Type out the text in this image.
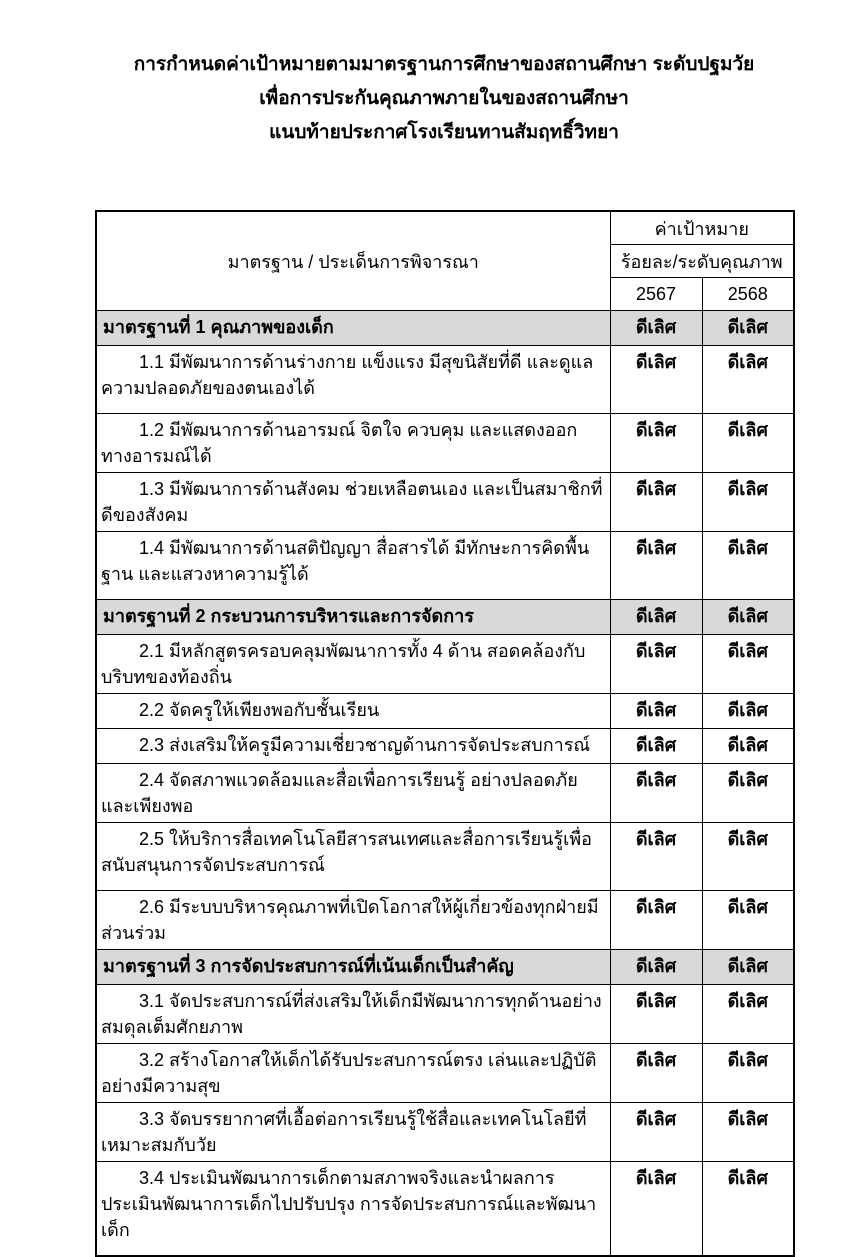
การกำหนดค่าเป้าหมายตามมาตรฐานการศึกษาของสถานศึกษา ระดับปฐมวัย
เพื่อการประกันคุณภาพภายในของสถานศึกษา
แนบท้ายประกาศโรงเรียนทานสัมฤทธิ์วิทยา
มาตรฐาน / ประเด็นการพิจารณา	ค่าเป้าหมาย	
	ร้อยละ/ระดับคุณภาพ	
	2567	2568

มาตรฐานที่ 1 คุณภาพของเด็ก	ดีเลิศ	ดีเลิศ

1.1 มีพัฒนาการด้านร่างกาย แข็งแรง มีสุขนิสัยที่ดี และดูแลความปลอดภัยของตนเองได้	ดีเลิศ	ดีเลิศ

1.2 มีพัฒนาการด้านอารมณ์ จิตใจ ควบคุม และแสดงออกทางอารมณ์ได้	ดีเลิศ	ดีเลิศ

1.3 มีพัฒนาการด้านสังคม ช่วยเหลือตนเอง และเป็นสมาชิกที่ดีของสังคม	ดีเลิศ	ดีเลิศ

1.4 มีพัฒนาการด้านสติปัญญา สื่อสารได้ มีทักษะการคิดพื้นฐาน และแสวงหาความรู้ได้	ดีเลิศ	ดีเลิศ

มาตรฐานที่ 2 กระบวนการบริหารและการจัดการ	ดีเลิศ	ดีเลิศ

2.1 มีหลักสูตรครอบคลุมพัฒนาการทั้ง 4 ด้าน สอดคล้องกับบริบทของท้องถิ่น	ดีเลิศ	ดีเลิศ

2.2 จัดครูให้เพียงพอกับชั้นเรียน	ดีเลิศ	ดีเลิศ

2.3 ส่งเสริมให้ครูมีความเชี่ยวชาญด้านการจัดประสบการณ์	ดีเลิศ	ดีเลิศ

2.4 จัดสภาพแวดล้อมและสื่อเพื่อการเรียนรู้ อย่างปลอดภัย และเพียงพอ	ดีเลิศ	ดีเลิศ

2.5 ให้บริการสื่อเทคโนโลยีสารสนเทศและสื่อการเรียนรู้เพื่อสนับสนุนการจัดประสบการณ์	ดีเลิศ	ดีเลิศ

2.6 มีระบบบริหารคุณภาพที่เปิดโอกาสให้ผู้เกี่ยวข้องทุกฝ่ายมีส่วนร่วม	ดีเลิศ	ดีเลิศ

มาตรฐานที่ 3 การจัดประสบการณ์ที่เน้นเด็กเป็นสำคัญ	ดีเลิศ	ดีเลิศ

3.1 จัดประสบการณ์ที่ส่งเสริมให้เด็กมีพัฒนาการทุกด้านอย่างสมดุลเต็มศักยภาพ	ดีเลิศ	ดีเลิศ

3.2 สร้างโอกาสให้เด็กได้รับประสบการณ์ตรง เล่นและปฏิบัติอย่างมีความสุข	ดีเลิศ	ดีเลิศ

3.3 จัดบรรยากาศที่เอื้อต่อการเรียนรู้ใช้สื่อและเทคโนโลยีที่เหมาะสมกับวัย	ดีเลิศ	ดีเลิศ

3.4 ประเมินพัฒนาการเด็กตามสภาพจริงและนำผลการประเมินพัฒนาการเด็กไปปรับปรุง การจัดประสบการณ์และพัฒนาเด็ก	ดีเลิศ	ดีเลิศ
